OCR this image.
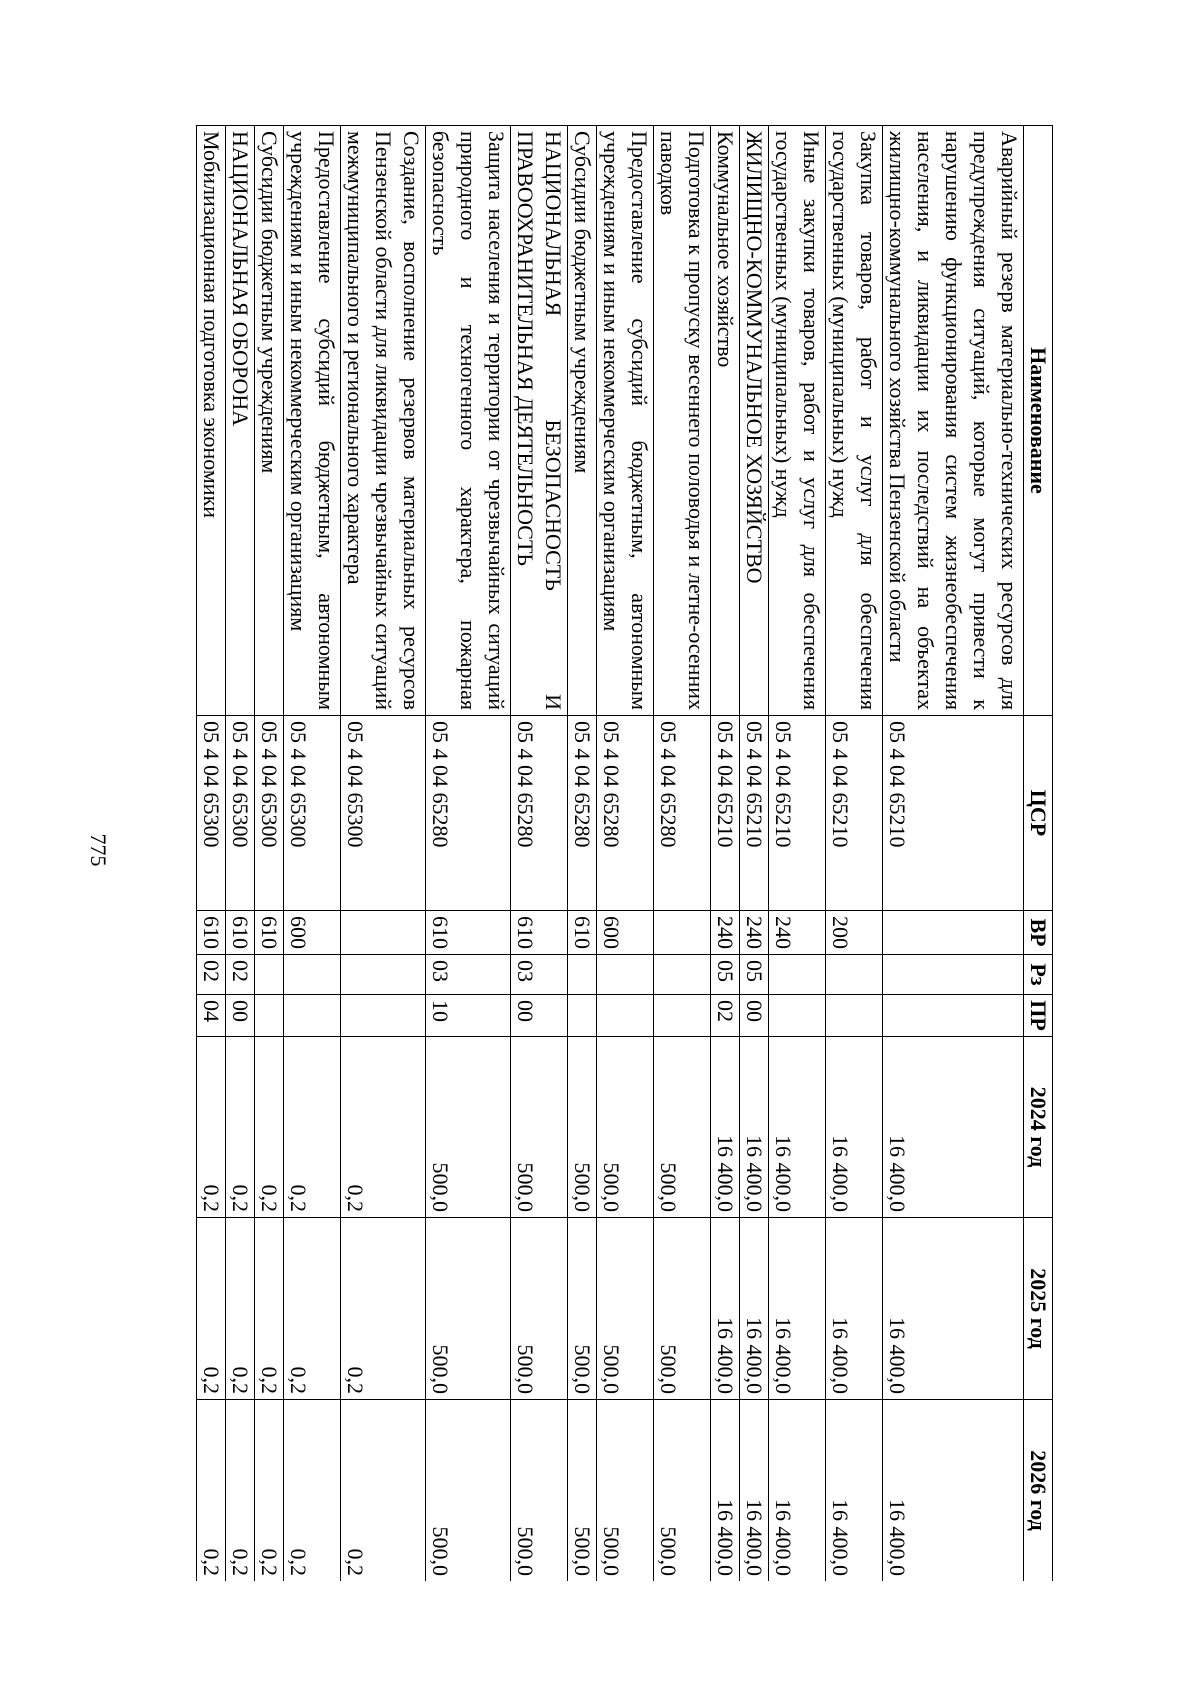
775
Наименование	ЦСР	ВР	Рз	ПР	2024 год	2025 год	2026 год
Аварийный резерв материально-технических ресурсов для предупреждения ситуаций, которые могут привести к нарушению функционирования систем жизнеобеспечения населения, и ликвидации их последствий на объектах жилищно-коммунального хозяйства Пензенской области	05 4 04 65210				16 400,0	16 400,0	16 400,0
Закупка товаров, работ и услуг для обеспечения государственных (муниципальных) нужд	05 4 04 65210	200			16 400,0	16 400,0	16 400,0
Иные закупки товаров, работ и услуг для обеспечения государственных (муниципальных) нужд	05 4 04 65210	240			16 400,0	16 400,0	16 400,0
ЖИЛИЩНО-КОММУНАЛЬНОЕ ХОЗЯЙСТВО	05 4 04 65210	240	05	00	16 400,0	16 400,0	16 400,0
Коммунальное хозяйство	05 4 04 65210	240	05	02	16 400,0	16 400,0	16 400,0
Подготовка к пропуску весеннего половодья и летне-осенних паводков	05 4 04 65280				500,0	500,0	500,0
Предоставление субсидий бюджетным, автономным учреждениям и иным некоммерческим организациям	05 4 04 65280	600			500,0	500,0	500,0
Субсидии бюджетным учреждениям	05 4 04 65280	610			500,0	500,0	500,0
НАЦИОНАЛЬНАЯ БЕЗОПАСНОСТЬ И ПРАВООХРАНИТЕЛЬНАЯ ДЕЯТЕЛЬНОСТЬ	05 4 04 65280	610	03	00	500,0	500,0	500,0
Защита населения и территории от чрезвычайных ситуаций природного и техногенного характера, пожарная безопасность	05 4 04 65280	610	03	10	500,0	500,0	500,0
Создание, восполнение резервов материальных ресурсов Пензенской области для ликвидации чрезвычайных ситуаций межмуниципального и регионального характера	05 4 04 65300				0,2	0,2	0,2
Предоставление субсидий бюджетным, автономным учреждениям и иным некоммерческим организациям	05 4 04 65300	600			0,2	0,2	0,2
Субсидии бюджетным учреждениям	05 4 04 65300	610			0,2	0,2	0,2
НАЦИОНАЛЬНАЯ ОБОРОНА	05 4 04 65300	610	02	00	0,2	0,2	0,2
Мобилизационная подготовка экономики	05 4 04 65300	610	02	04	0,2	0,2	0,2
